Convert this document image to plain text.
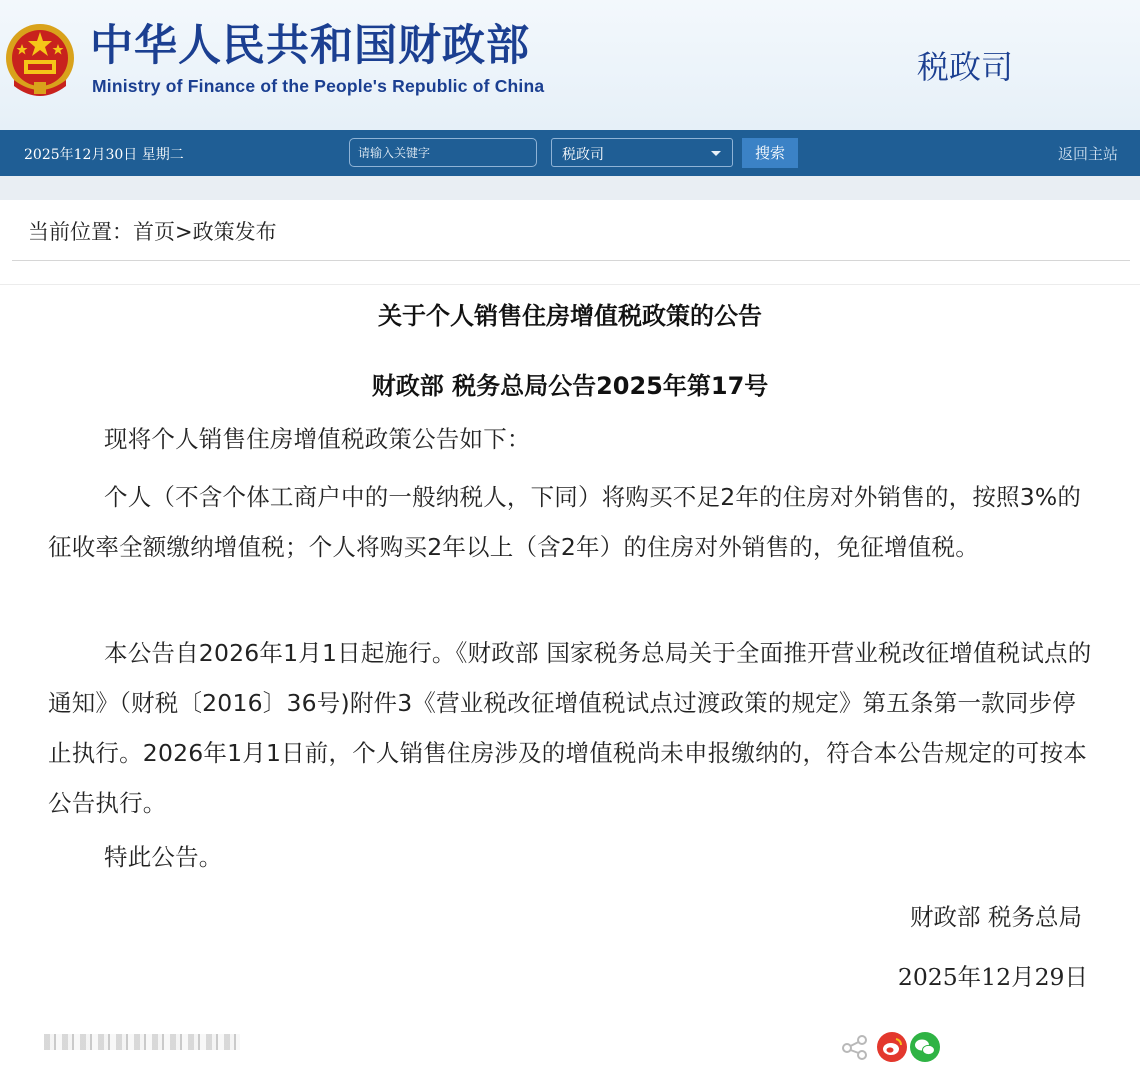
中华人民共和国财政部
Ministry of Finance of the People's Republic of China	税政司
2025年12月30日 星期二
请输入关键字	税政司	搜索	返回主站
当前位置：首页>政策发布
关于个人销售住房增值税政策的公告
财政部 税务总局公告2025年第17号
现将个人销售住房增值税政策公告如下：
个人（不含个体工商户中的一般纳税人，下同）将购买不足2年的住房对外销售的，按照3%的征收率全额缴纳增值税；个人将购买2年以上（含2年）的住房对外销售的，免征增值税。
本公告自2026年1月1日起施行。《财政部 国家税务总局关于全面推开营业税改征增值税试点的通知》（财税〔2016〕36号)附件3《营业税改征增值税试点过渡政策的规定》第五条第一款同步停止执行。2026年1月1日前，个人销售住房涉及的增值税尚未申报缴纳的，符合本公告规定的可按本公告执行。
特此公告。
财政部 税务总局
2025年12月29日
